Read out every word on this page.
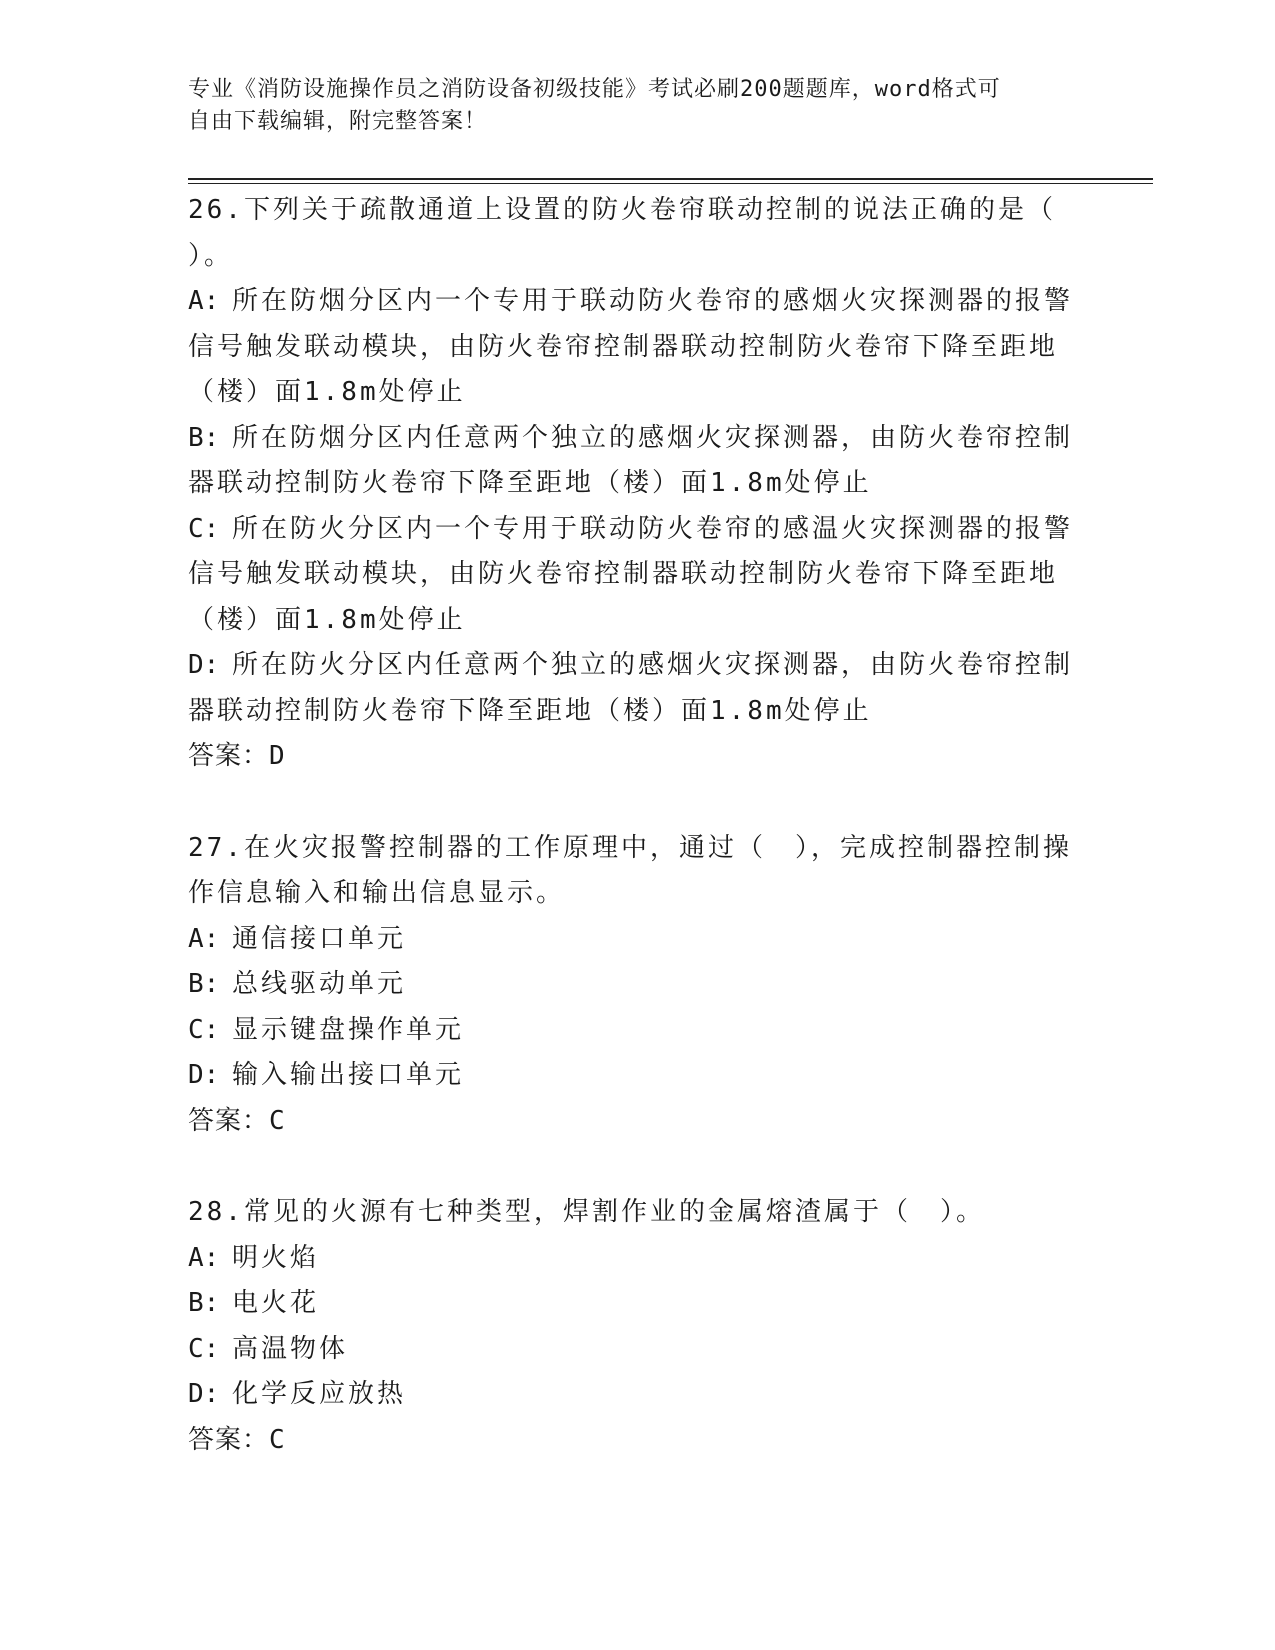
专业《消防设施操作员之消防设备初级技能》考试必刷200题题库，word格式可
自由下载编辑，附完整答案！
26.下列关于疏散通道上设置的防火卷帘联动控制的说法正确的是（
）。
A: 所在防烟分区内一个专用于联动防火卷帘的感烟火灾探测器的报警
信号触发联动模块，由防火卷帘控制器联动控制防火卷帘下降至距地
（楼）面1.8m处停止
B: 所在防烟分区内任意两个独立的感烟火灾探测器，由防火卷帘控制
器联动控制防火卷帘下降至距地（楼）面1.8m处停止
C: 所在防火分区内一个专用于联动防火卷帘的感温火灾探测器的报警
信号触发联动模块，由防火卷帘控制器联动控制防火卷帘下降至距地
（楼）面1.8m处停止
D: 所在防火分区内任意两个独立的感烟火灾探测器，由防火卷帘控制
器联动控制防火卷帘下降至距地（楼）面1.8m处停止
答案：D
27.在火灾报警控制器的工作原理中，通过（　），完成控制器控制操
作信息输入和输出信息显示。
A: 通信接口单元
B: 总线驱动单元
C: 显示键盘操作单元
D: 输入输出接口单元
答案：C
28.常见的火源有七种类型，焊割作业的金属熔渣属于（　）。
A: 明火焰
B: 电火花
C: 高温物体
D: 化学反应放热
答案：C
